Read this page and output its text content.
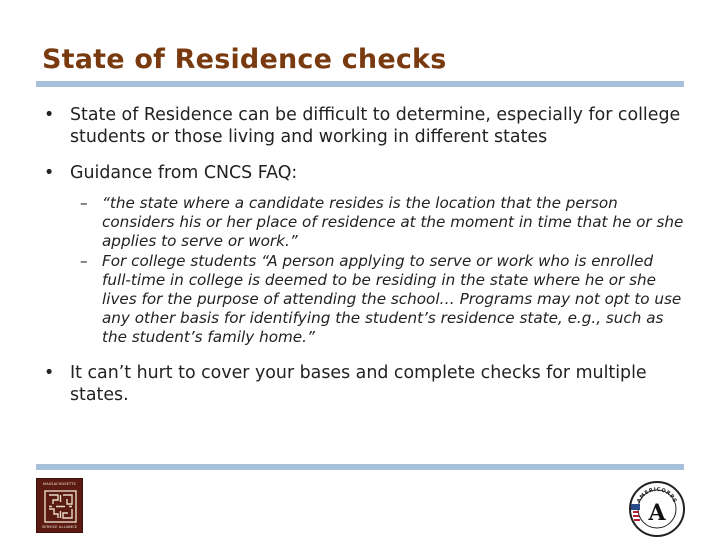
State of Residence checks
• State of Residence can be difficult to determine, especially for college students or those living and working in different states
• Guidance from CNCS FAQ:
– “the state where a candidate resides is the location that the person considers his or her place of residence at the moment in time that he or she applies to serve or work.”
– For college students “A person applying to serve or work who is enrolled full-time in college is deemed to be residing in the state where he or she lives for the purpose of attending the school… Programs may not opt to use any other basis for identifying the student’s residence state, e.g., such as the student’s family home.”
• It can’t hurt to cover your bases and complete checks for multiple states.
MASSACHUSETTS
SERVICE ALLIANCE
AMERICORPS
A
